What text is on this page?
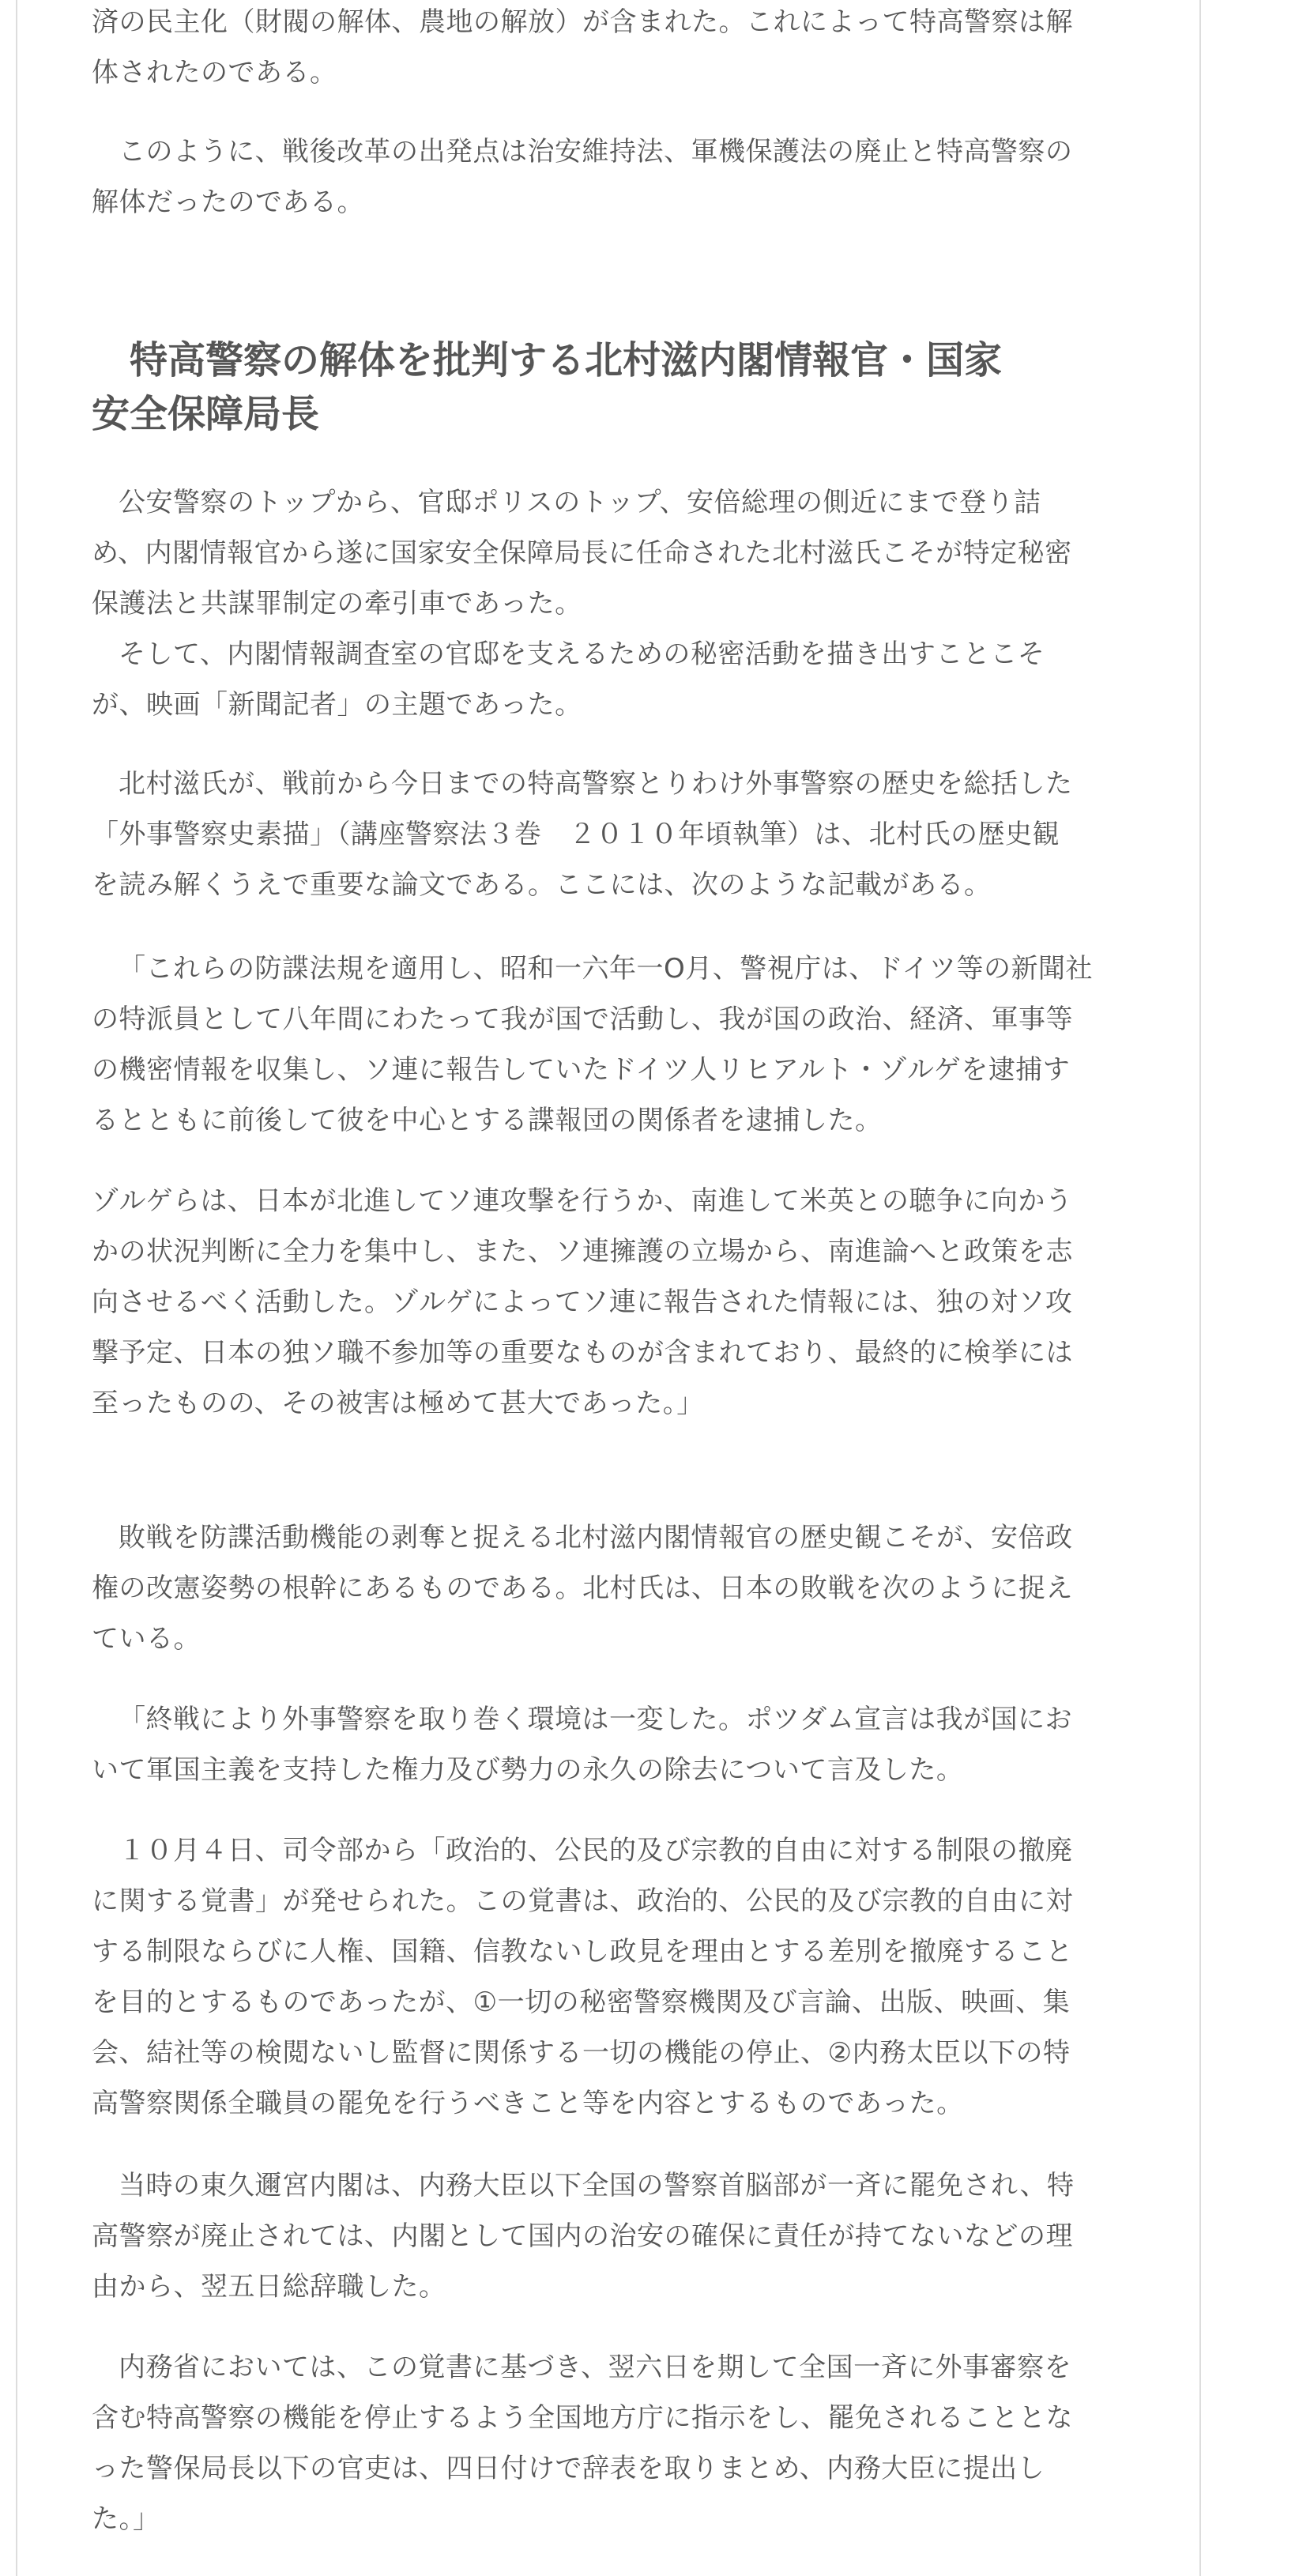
済の民主化（財閥の解体、農地の解放）が含まれた。これによって特高警察は解
体されたのである。

このように、戦後改革の出発点は治安維持法、軍機保護法の廃止と特高警察の
解体だったのである。

　特高警察の解体を批判する北村滋内閣情報官・国家
安全保障局長

公安警察のトップから、官邸ポリスのトップ、安倍総理の側近にまで登り詰
め、内閣情報官から遂に国家安全保障局長に任命された北村滋氏こそが特定秘密
保護法と共謀罪制定の牽引車であった。

そして、内閣情報調査室の官邸を支えるための秘密活動を描き出すことこそ
が、映画「新聞記者」の主題であった。

北村滋氏が、戦前から今日までの特高警察とりわけ外事警察の歴史を総括した
「外事警察史素描」（講座警察法３巻　２０１０年頃執筆）は、北村氏の歴史観
を読み解くうえで重要な論文である。ここには、次のような記載がある。

「これらの防諜法規を適用し、昭和一六年一O月、警視庁は、ドイツ等の新聞社
の特派員として八年間にわたって我が国で活動し、我が国の政治、経済、軍事等
の機密情報を収集し、ソ連に報告していたドイツ人リヒアルト・ゾルゲを逮捕す
るとともに前後して彼を中心とする諜報団の関係者を逮捕した。

ゾルゲらは、日本が北進してソ連攻撃を行うか、南進して米英との聴争に向かう
かの状況判断に全力を集中し、また、ソ連擁護の立場から、南進論へと政策を志
向させるべく活動した。ゾルゲによってソ連に報告された情報には、独の対ソ攻
撃予定、日本の独ソ職不参加等の重要なものが含まれており、最終的に検挙には
至ったものの、その被害は極めて甚大であった。」

敗戦を防諜活動機能の剥奪と捉える北村滋内閣情報官の歴史観こそが、安倍政
権の改憲姿勢の根幹にあるものである。北村氏は、日本の敗戦を次のように捉え
ている。

「終戦により外事警察を取り巻く環境は一変した。ポツダム宣言は我が国にお
いて軍国主義を支持した権力及び勢力の永久の除去について言及した。

１０月４日、司令部から「政治的、公民的及び宗教的自由に対する制限の撤廃
に関する覚書」が発せられた。この覚書は、政治的、公民的及び宗教的自由に対
する制限ならびに人権、国籍、信教ないし政見を理由とする差別を撤廃すること
を目的とするものであったが、①一切の秘密警察機関及び言論、出版、映画、集
会、結社等の検閲ないし監督に関係する一切の機能の停止、②内務太臣以下の特
高警察関係全職員の罷免を行うべきこと等を内容とするものであった。

当時の東久邇宮内閣は、内務大臣以下全国の警察首脳部が一斉に罷免され、特
高警察が廃止されては、内閣として国内の治安の確保に責任が持てないなどの理
由から、翌五日総辞職した。

内務省においては、この覚書に基づき、翌六日を期して全国一斉に外事審察を
含む特高警察の機能を停止するよう全国地方庁に指示をし、罷免されることとな
った警保局長以下の官吏は、四日付けで辞表を取りまとめ、内務大臣に提出し
た。」
